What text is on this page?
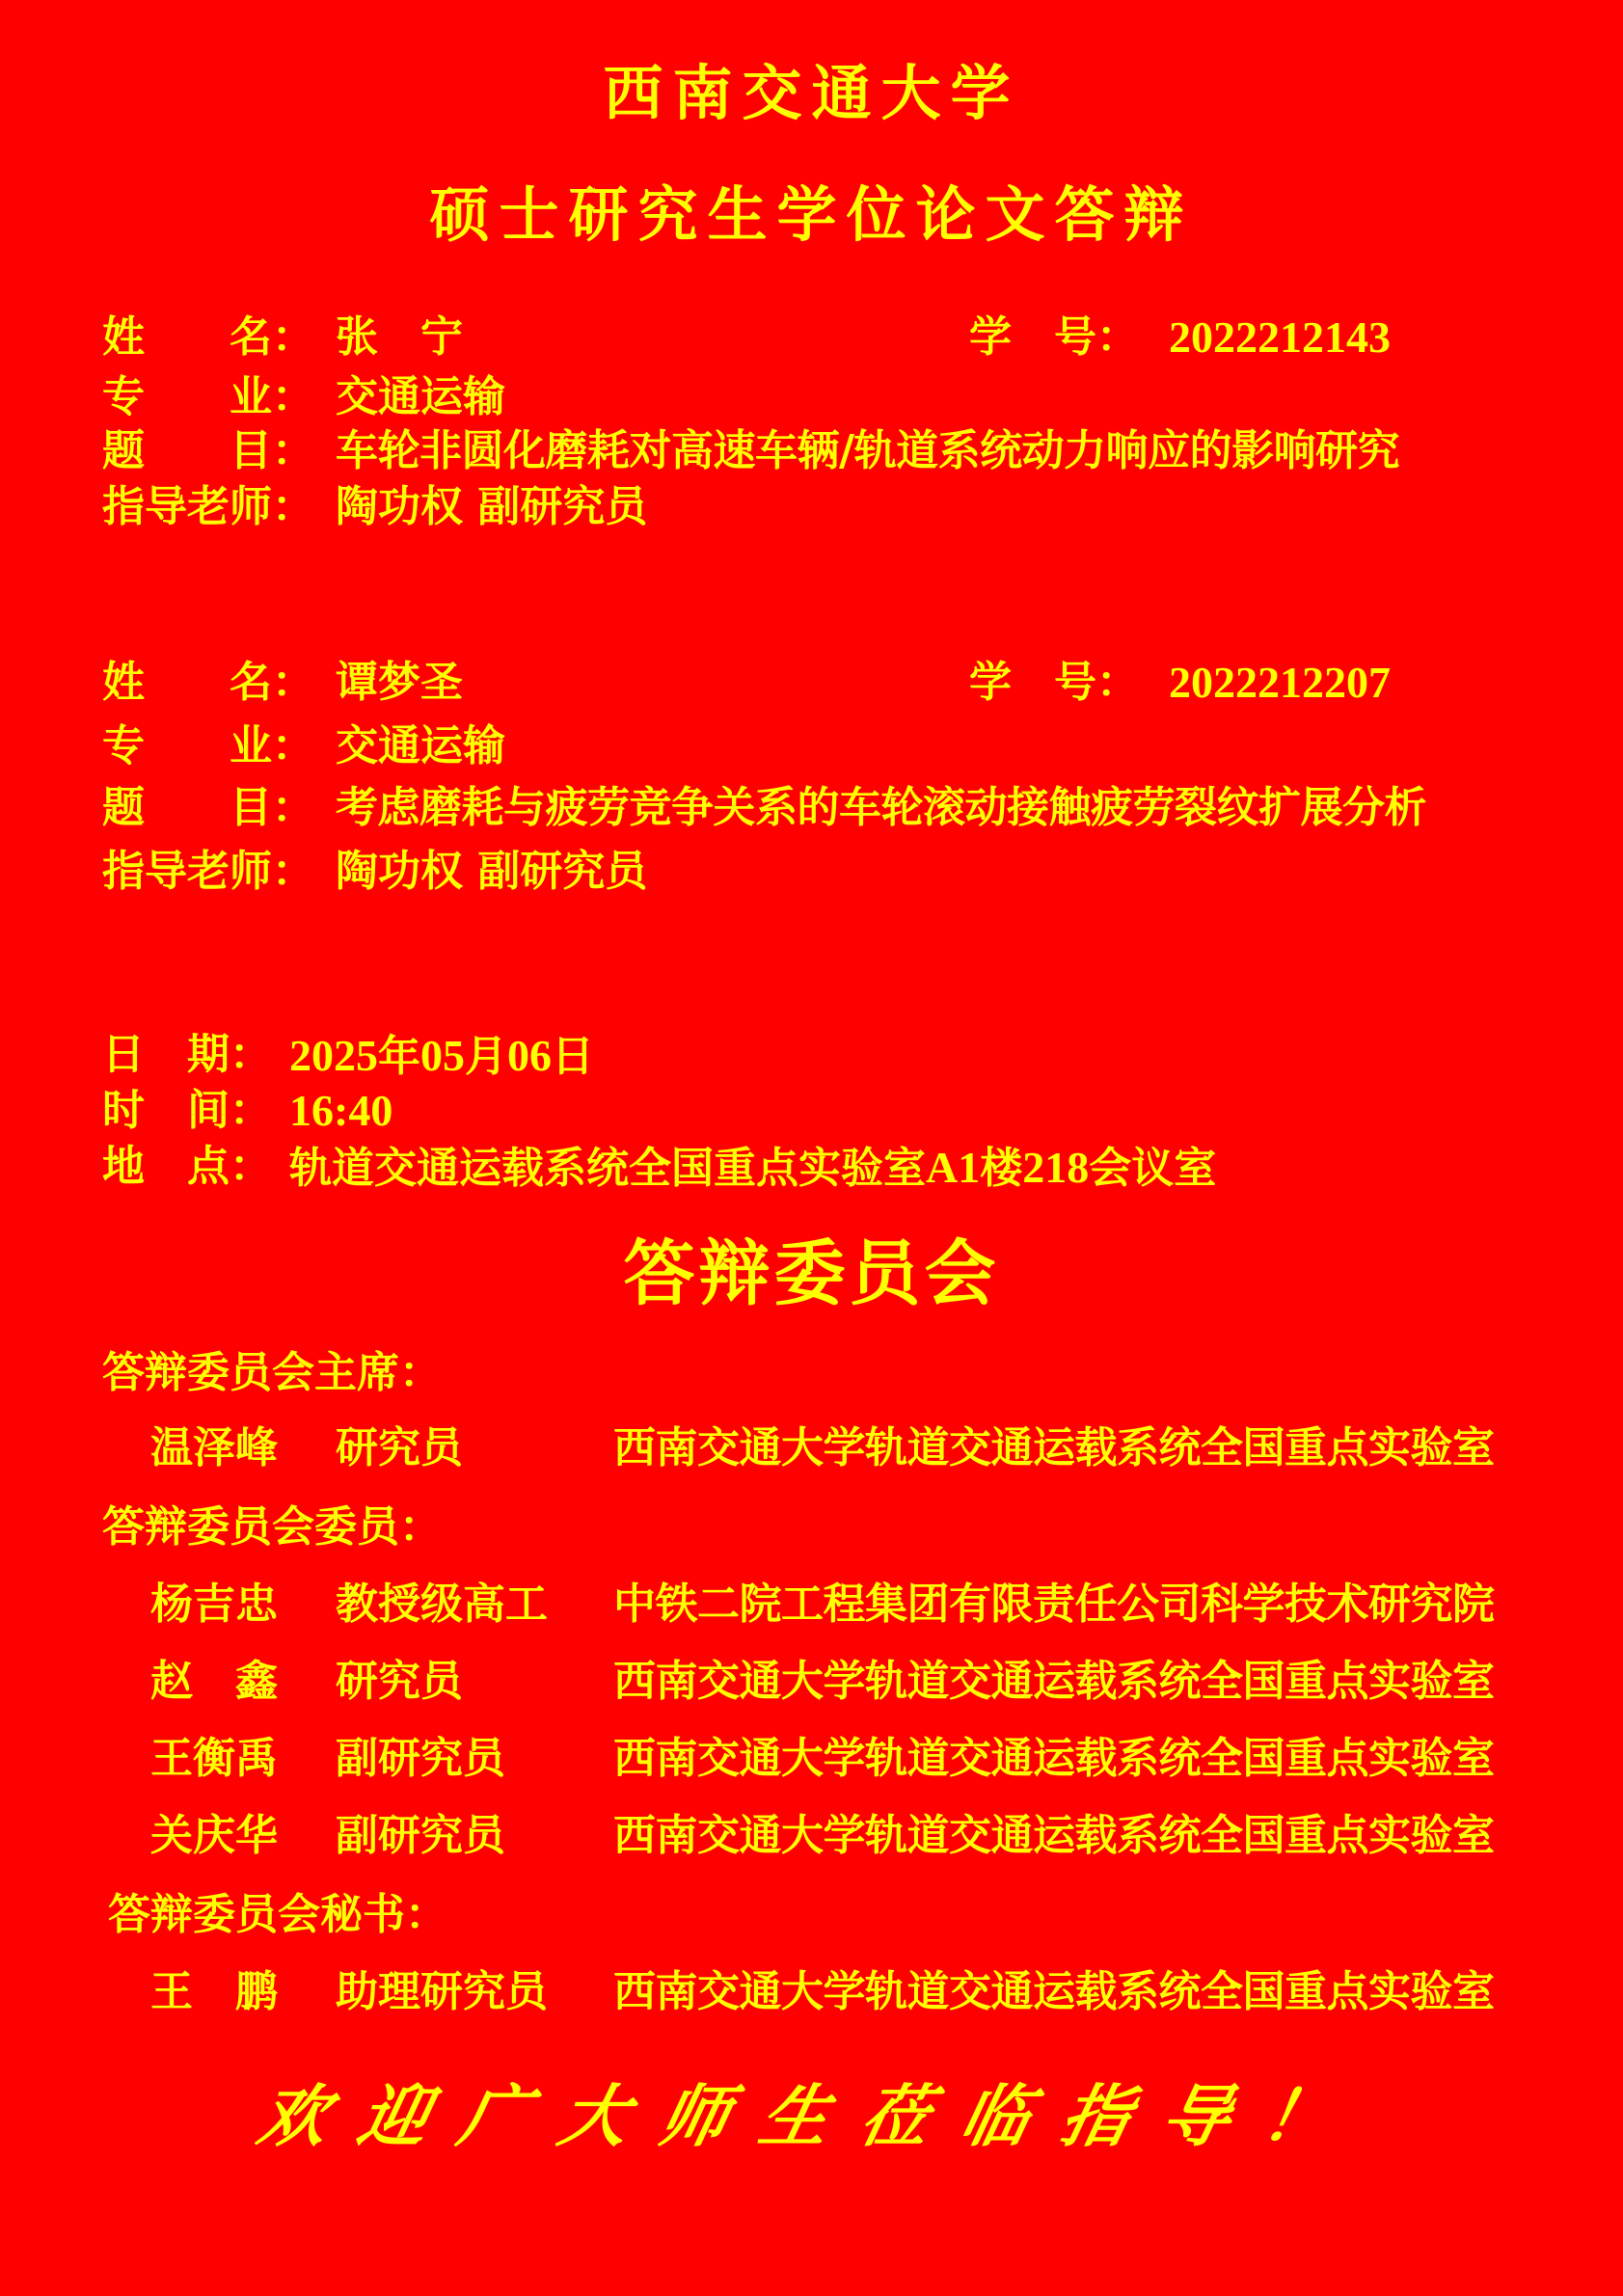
西南交通大学
硕士研究生学位论文答辩
姓　　名： 张　宁	学　号： 2022212143
专　　业： 交通运输
题　　目： 车轮非圆化磨耗对高速车辆/轨道系统动力响应的影响研究
指导老师： 陶功权 副研究员
姓　　名： 谭梦圣	学　号： 2022212207
专　　业： 交通运输
题　　目： 考虑磨耗与疲劳竞争关系的车轮滚动接触疲劳裂纹扩展分析
指导老师： 陶功权 副研究员
日　期： 2025年05月06日
时　间： 16:40
地　点： 轨道交通运载系统全国重点实验室A1楼218会议室
答辩委员会
答辩委员会主席：
温泽峰 研究员	西南交通大学轨道交通运载系统全国重点实验室
答辩委员会委员：
杨吉忠 教授级高工 中铁二院工程集团有限责任公司科学技术研究院
赵　鑫 研究员	西南交通大学轨道交通运载系统全国重点实验室
王衡禹 副研究员	西南交通大学轨道交通运载系统全国重点实验室
关庆华 副研究员	西南交通大学轨道交通运载系统全国重点实验室
答辩委员会秘书：
王　鹏 助理研究员 西南交通大学轨道交通运载系统全国重点实验室
欢迎广大师生莅临指导！
